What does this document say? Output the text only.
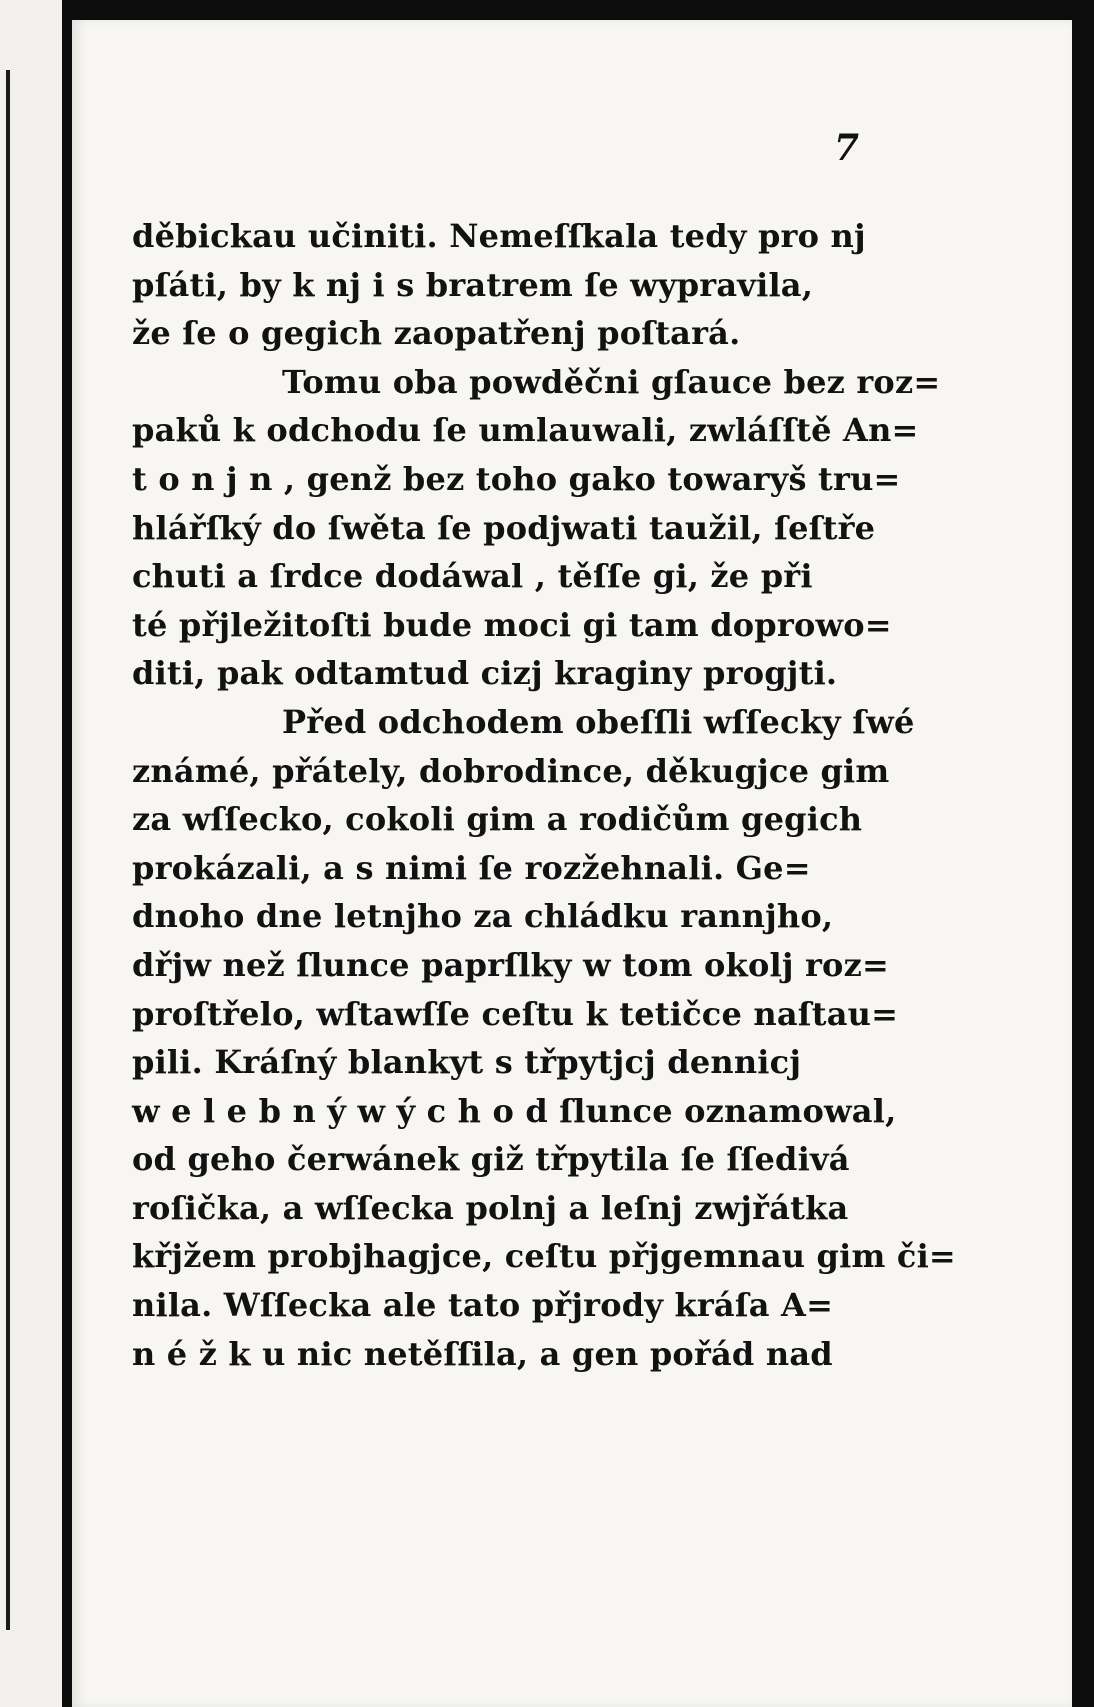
7
děbickau učiniti. Nemeſſkala tedy pro nj
pſáti, by k nj i s bratrem ſe wypravila,
že ſe o gegich zaopatřenj poſtará.
Tomu oba powděčni gſauce bez roz=
paků k odchodu ſe umlauwali, zwláſſtě An=
t o n j n , genž bez toho gako towaryš tru=
hlářſký do ſwěta ſe podjwati taužil, ſeſtře
chuti a ſrdce dodáwal , těſſe gi, že při
té přjležitoſti bude moci gi tam doprowo=
diti, pak odtamtud cizj kraginy progjti.
Před odchodem obeſſli wſſecky ſwé
známé, přátely, dobrodince, děkugjce gim
za wſſecko, cokoli gim a rodičům gegich
prokázali, a s nimi ſe rozžehnali. Ge=
dnoho dne letnjho za chládku rannjho,
dřjw než ſlunce paprſlky w tom okolj roz=
proſtřelo, wſtawſſe ceſtu k tetičce naſtau=
pili. Kráſný blankyt s třpytjcj dennicj
w e l e b n ý w ý c h o d ſlunce oznamowal,
od geho čerwánek giž třpytila ſe ſſedivá
roſička, a wſſecka polnj a leſnj zwjřátka
křjžem probjhagjce, ceſtu přjgemnau gim či=
nila. Wſſecka ale tato přjrody kráſa A=
n é ž k u nic netěſſila, a gen pořád nad
